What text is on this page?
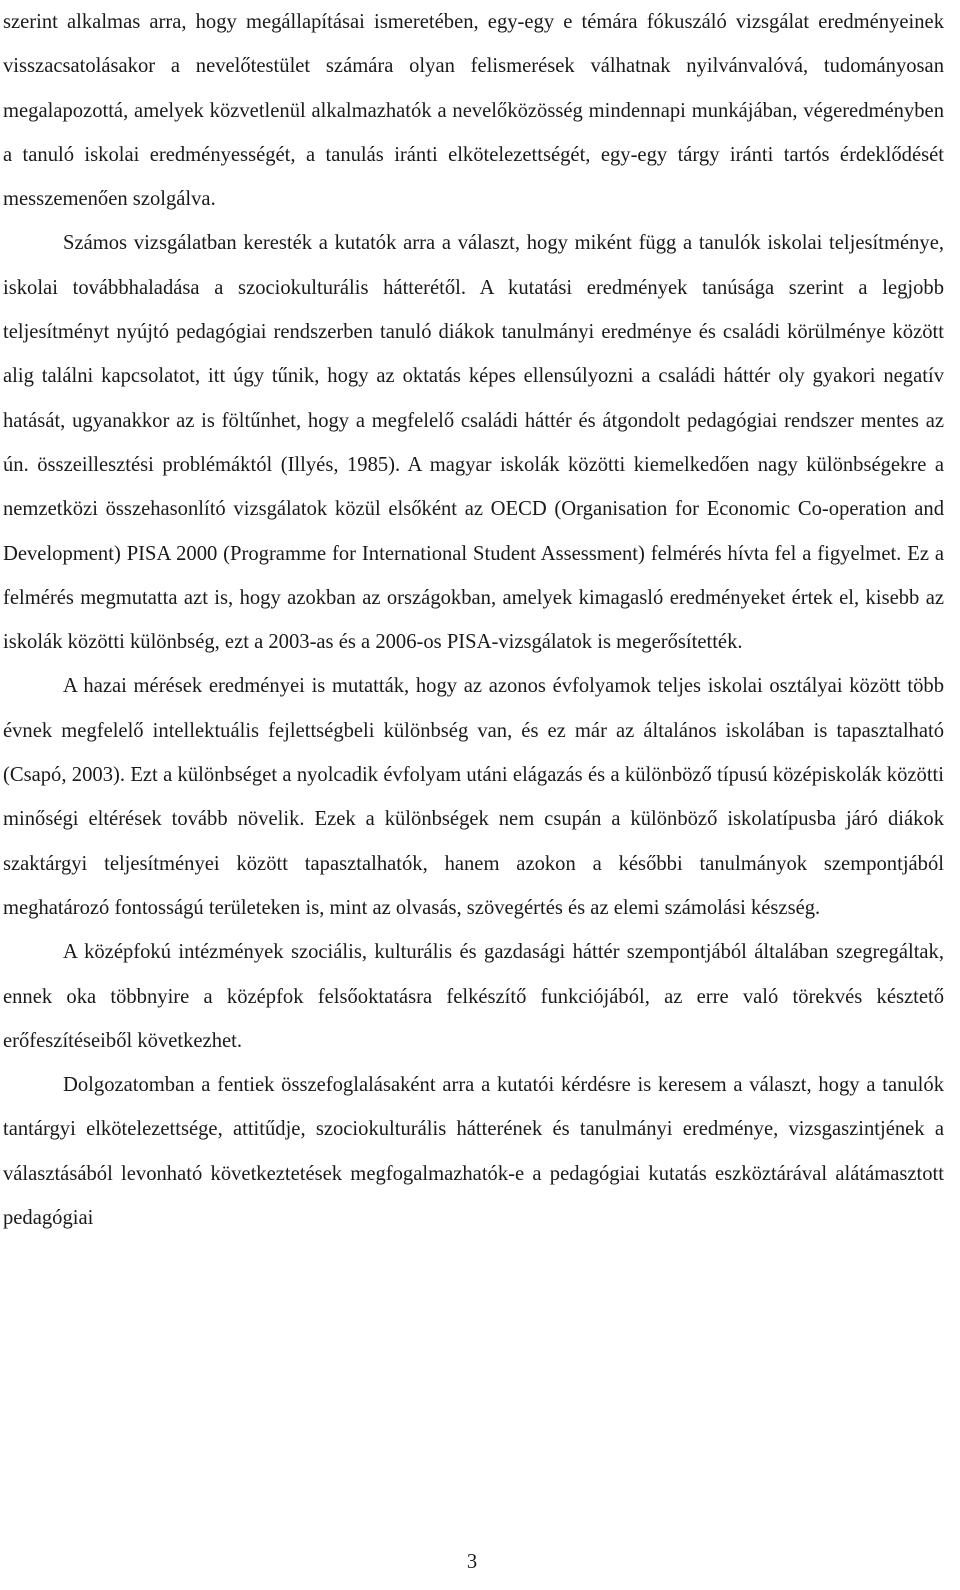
szerint alkalmas arra, hogy megállapításai ismeretében, egy-egy e témára fókuszáló vizsgálat eredményeinek visszacsatolásakor a nevelőtestület számára olyan felismerések válhatnak nyilvánvalóvá, tudományosan megalapozottá, amelyek közvetlenül alkalmazhatók a nevelőközösség mindennapi munkájában, végeredményben a tanuló iskolai eredményességét, a tanulás iránti elkötelezettségét, egy-egy tárgy iránti tartós érdeklődését messzemenően szolgálva.

Számos vizsgálatban keresték a kutatók arra a választ, hogy miként függ a tanulók iskolai teljesítménye, iskolai továbbhaladása a szociokulturális hátterétől. A kutatási eredmények tanúsága szerint a legjobb teljesítményt nyújtó pedagógiai rendszerben tanuló diákok tanulmányi eredménye és családi körülménye között alig találni kapcsolatot, itt úgy tűnik, hogy az oktatás képes ellensúlyozni a családi háttér oly gyakori negatív hatását, ugyanakkor az is föltűnhet, hogy a megfelelő családi háttér és átgondolt pedagógiai rendszer mentes az ún. összeillesztési problémáktól (Illyés, 1985). A magyar iskolák közötti kiemelkedően nagy különbségekre a nemzetközi összehasonlító vizsgálatok közül elsőként az OECD (Organisation for Economic Co-operation and Development) PISA 2000 (Programme for International Student Assessment) felmérés hívta fel a figyelmet. Ez a felmérés megmutatta azt is, hogy azokban az országokban, amelyek kimagasló eredményeket értek el, kisebb az iskolák közötti különbség, ezt a 2003-as és a 2006-os PISA-vizsgálatok is megerősítették.

A hazai mérések eredményei is mutatták, hogy az azonos évfolyamok teljes iskolai osztályai között több évnek megfelelő intellektuális fejlettségbeli különbség van, és ez már az általános iskolában is tapasztalható (Csapó, 2003). Ezt a különbséget a nyolcadik évfolyam utáni elágazás és a különböző típusú középiskolák közötti minőségi eltérések tovább növelik. Ezek a különbségek nem csupán a különböző iskolatípusba járó diákok szaktárgyi teljesítményei között tapasztalhatók, hanem azokon a későbbi tanulmányok szempontjából meghatározó fontosságú területeken is, mint az olvasás, szövegértés és az elemi számolási készség.

A középfokú intézmények szociális, kulturális és gazdasági háttér szempontjából általában szegregáltak, ennek oka többnyire a középfok felsőoktatásra felkészítő funkciójából, az erre való törekvés késztető erőfeszítéseiből következhet.

Dolgozatomban a fentiek összefoglalásaként arra a kutatói kérdésre is keresem a választ, hogy a tanulók tantárgyi elkötelezettsége, attitűdje, szociokulturális hátterének és tanulmányi eredménye, vizsgaszintjének a választásából levonható következtetések megfogalmazhatók-e a pedagógiai kutatás eszköztárával alátámasztott pedagógiai

3
